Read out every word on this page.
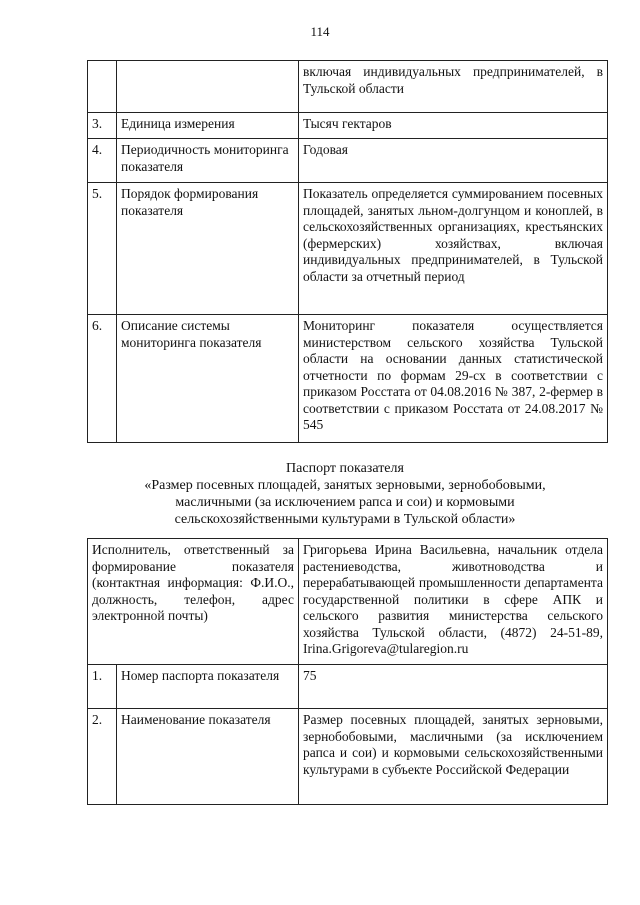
114
		включая индивидуальных предпринимателей, в Тульской области
3.	Единица измерения	Тысяч гектаров
4.	Периодичность мониторинга показателя	Годовая
5.	Порядок формирования показателя	Показатель определяется суммированием посевных площадей, занятых льном-долгунцом и коноплей, в сельскохозяйственных организациях, крестьянских (фермерских) хозяйствах, включая индивидуальных предпринимателей, в Тульской области за отчетный период
6.	Описание системы мониторинга показателя	Мониторинг показателя осуществляется министерством сельского хозяйства Тульской области на основании данных статистической отчетности по формам 29-сх в соответствии с приказом Росстата от 04.08.2016 № 387, 2-фермер в соответствии с приказом Росстата от 24.08.2017 № 545
Паспорт показателя
«Размер посевных площадей, занятых зерновыми, зернобобовыми,
масличными (за исключением рапса и сои) и кормовыми
сельскохозяйственными культурами в Тульской области»
Исполнитель, ответственный за формирование показателя (контактная информация: Ф.И.О., должность, телефон, адрес электронной почты)		Григорьева Ирина Васильевна, начальник отдела растениеводства, животноводства и перерабатывающей промышленности департамента государственной политики в сфере АПК и сельского развития министерства сельского хозяйства Тульской области, (4872) 24-51-89, Irina.Grigoreva@tularegion.ru
1.	Номер паспорта показателя	75
2.	Наименование показателя	Размер посевных площадей, занятых зерновыми, зернобобовыми, масличными (за исключением рапса и сои) и кормовыми сельскохозяйственными культурами в субъекте Российской Федерации
